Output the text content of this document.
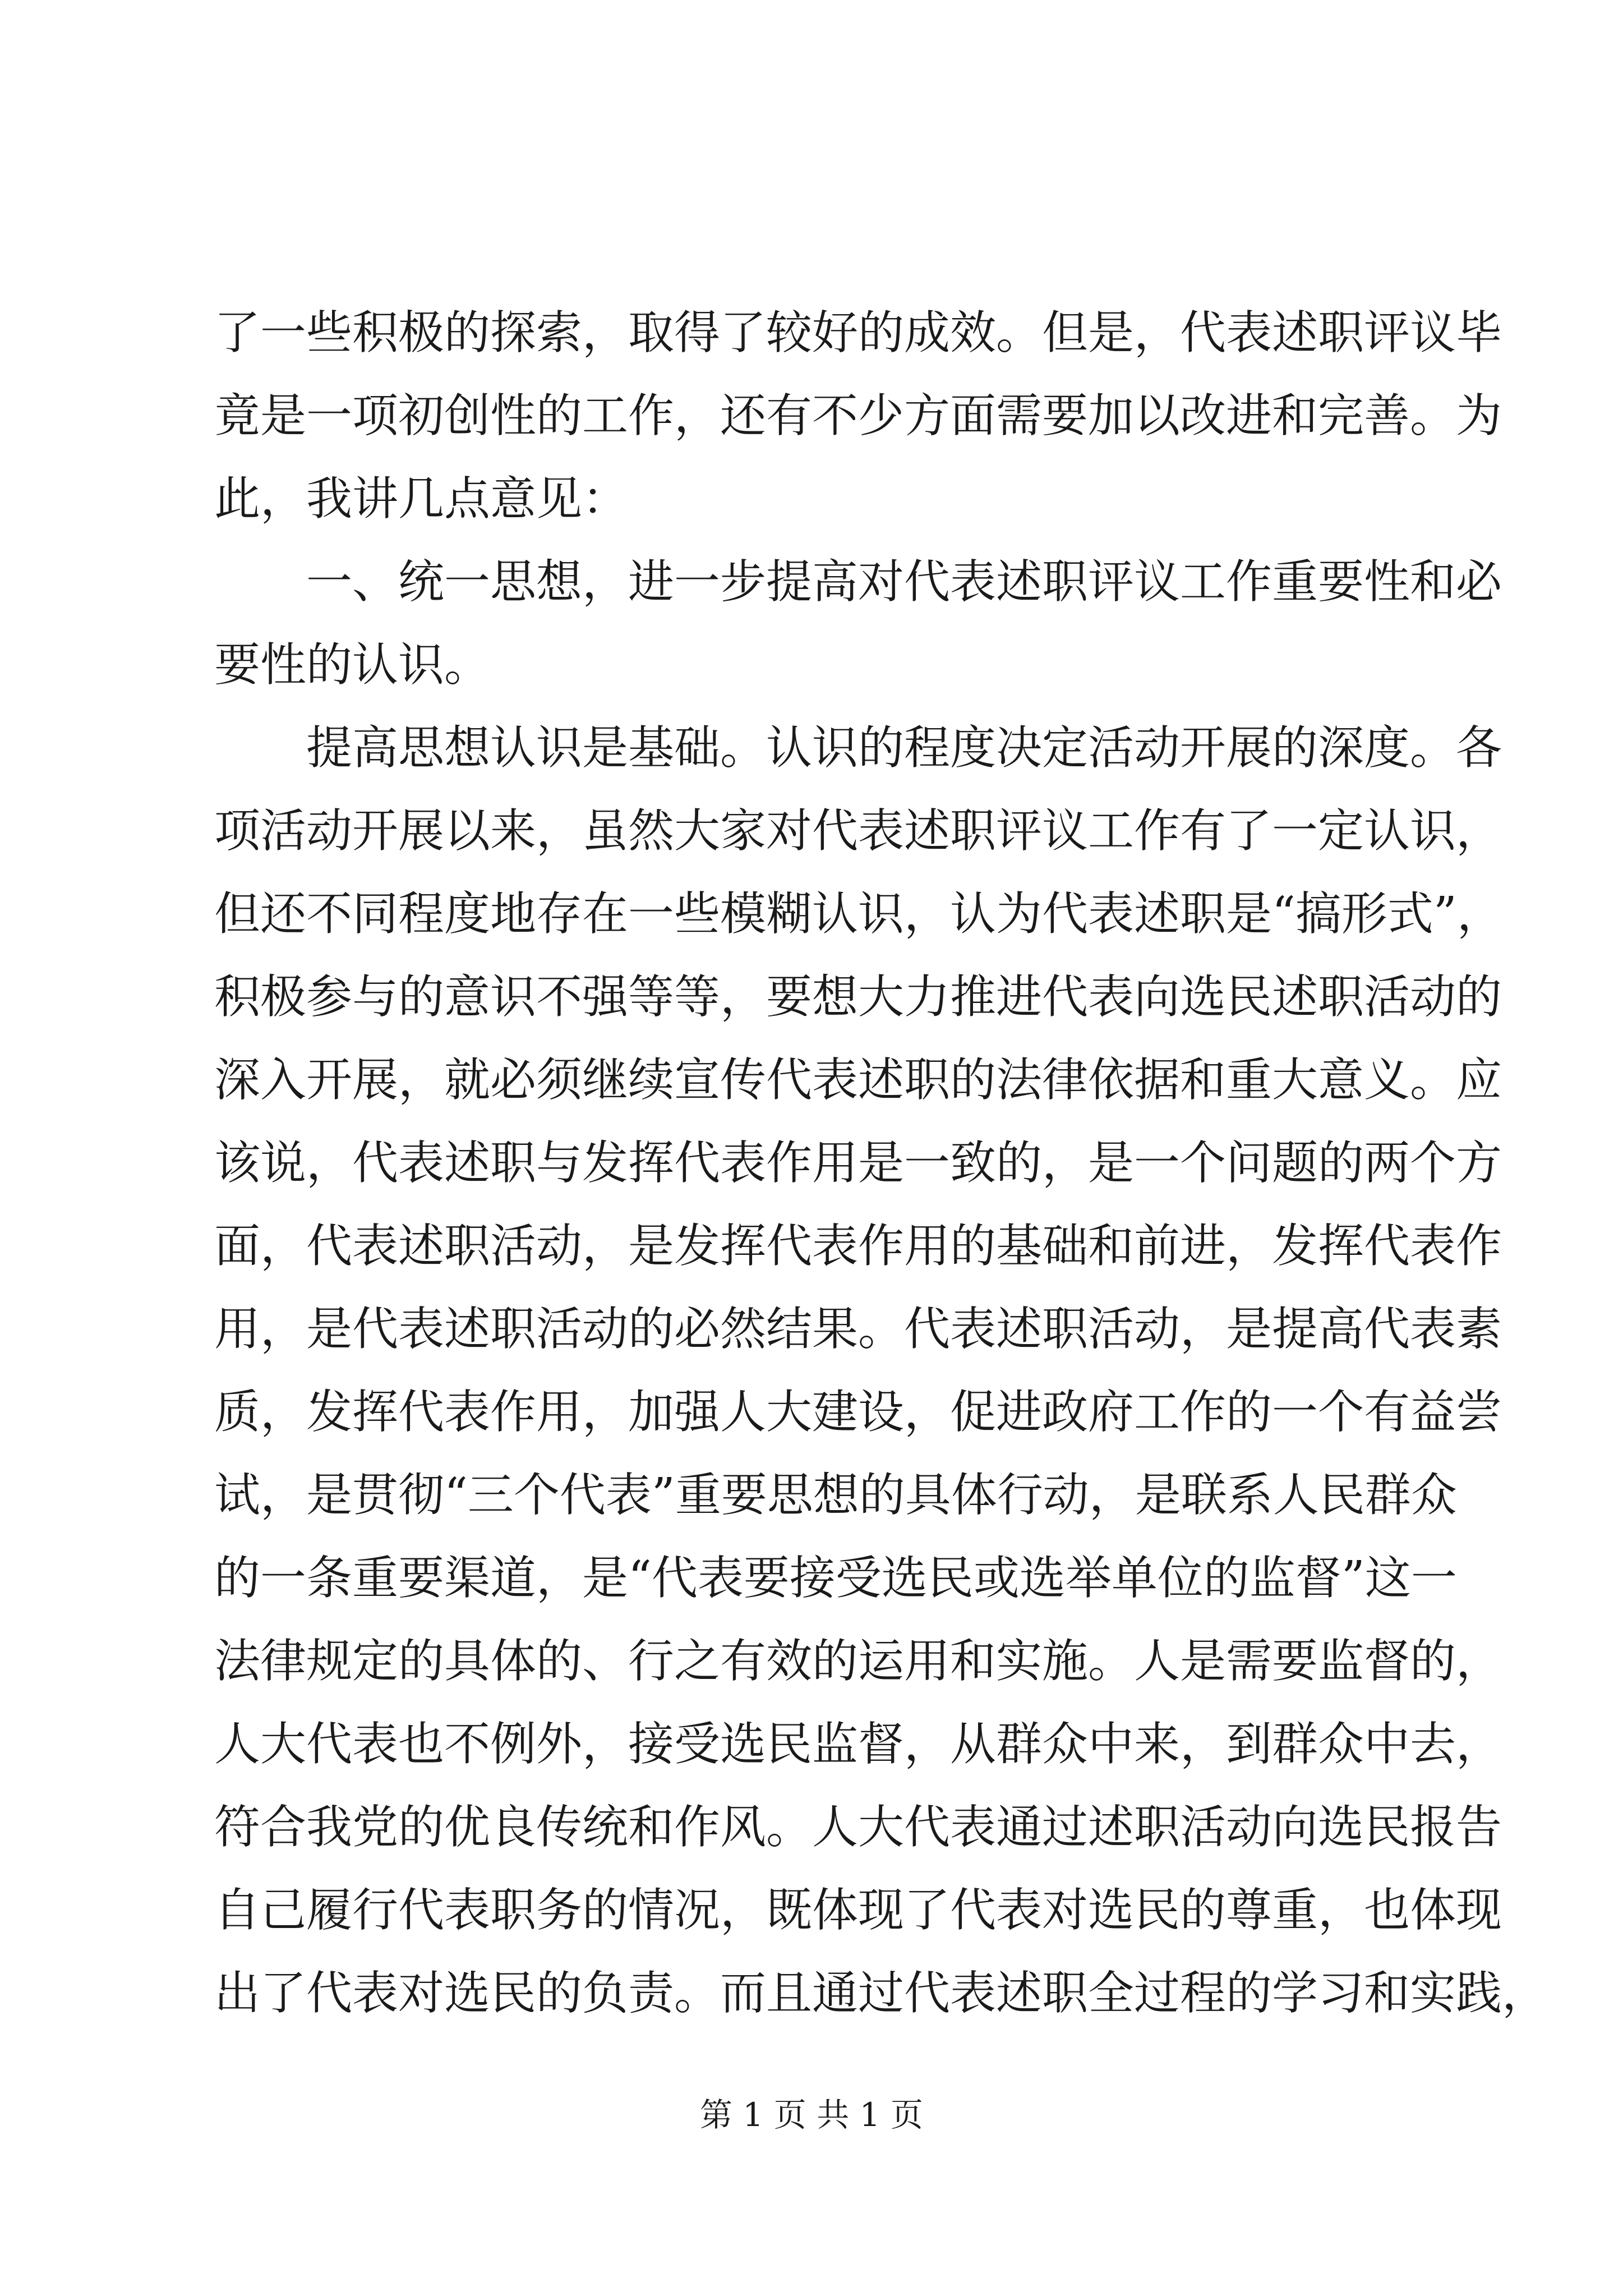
了一些积极的探索，取得了较好的成效。但是，代表述职评议毕
竟是一项初创性的工作，还有不少方面需要加以改进和完善。为
此，我讲几点意见：
一、统一思想，进一步提高对代表述职评议工作重要性和必
要性的认识。
提高思想认识是基础。认识的程度决定活动开展的深度。各
项活动开展以来，虽然大家对代表述职评议工作有了一定认识，
但还不同程度地存在一些模糊认识，认为代表述职是“搞形式”，
积极参与的意识不强等等，要想大力推进代表向选民述职活动的
深入开展，就必须继续宣传代表述职的法律依据和重大意义。应
该说，代表述职与发挥代表作用是一致的，是一个问题的两个方
面，代表述职活动，是发挥代表作用的基础和前进，发挥代表作
用，是代表述职活动的必然结果。代表述职活动，是提高代表素
质，发挥代表作用，加强人大建设，促进政府工作的一个有益尝
试，是贯彻“三个代表”重要思想的具体行动，是联系人民群众
的一条重要渠道，是“代表要接受选民或选举单位的监督”这一
法律规定的具体的、行之有效的运用和实施。人是需要监督的，
人大代表也不例外，接受选民监督，从群众中来，到群众中去，
符合我党的优良传统和作风。人大代表通过述职活动向选民报告
自己履行代表职务的情况，既体现了代表对选民的尊重，也体现
出了代表对选民的负责。而且通过代表述职全过程的学习和实践，
第 1 页 共 1 页
